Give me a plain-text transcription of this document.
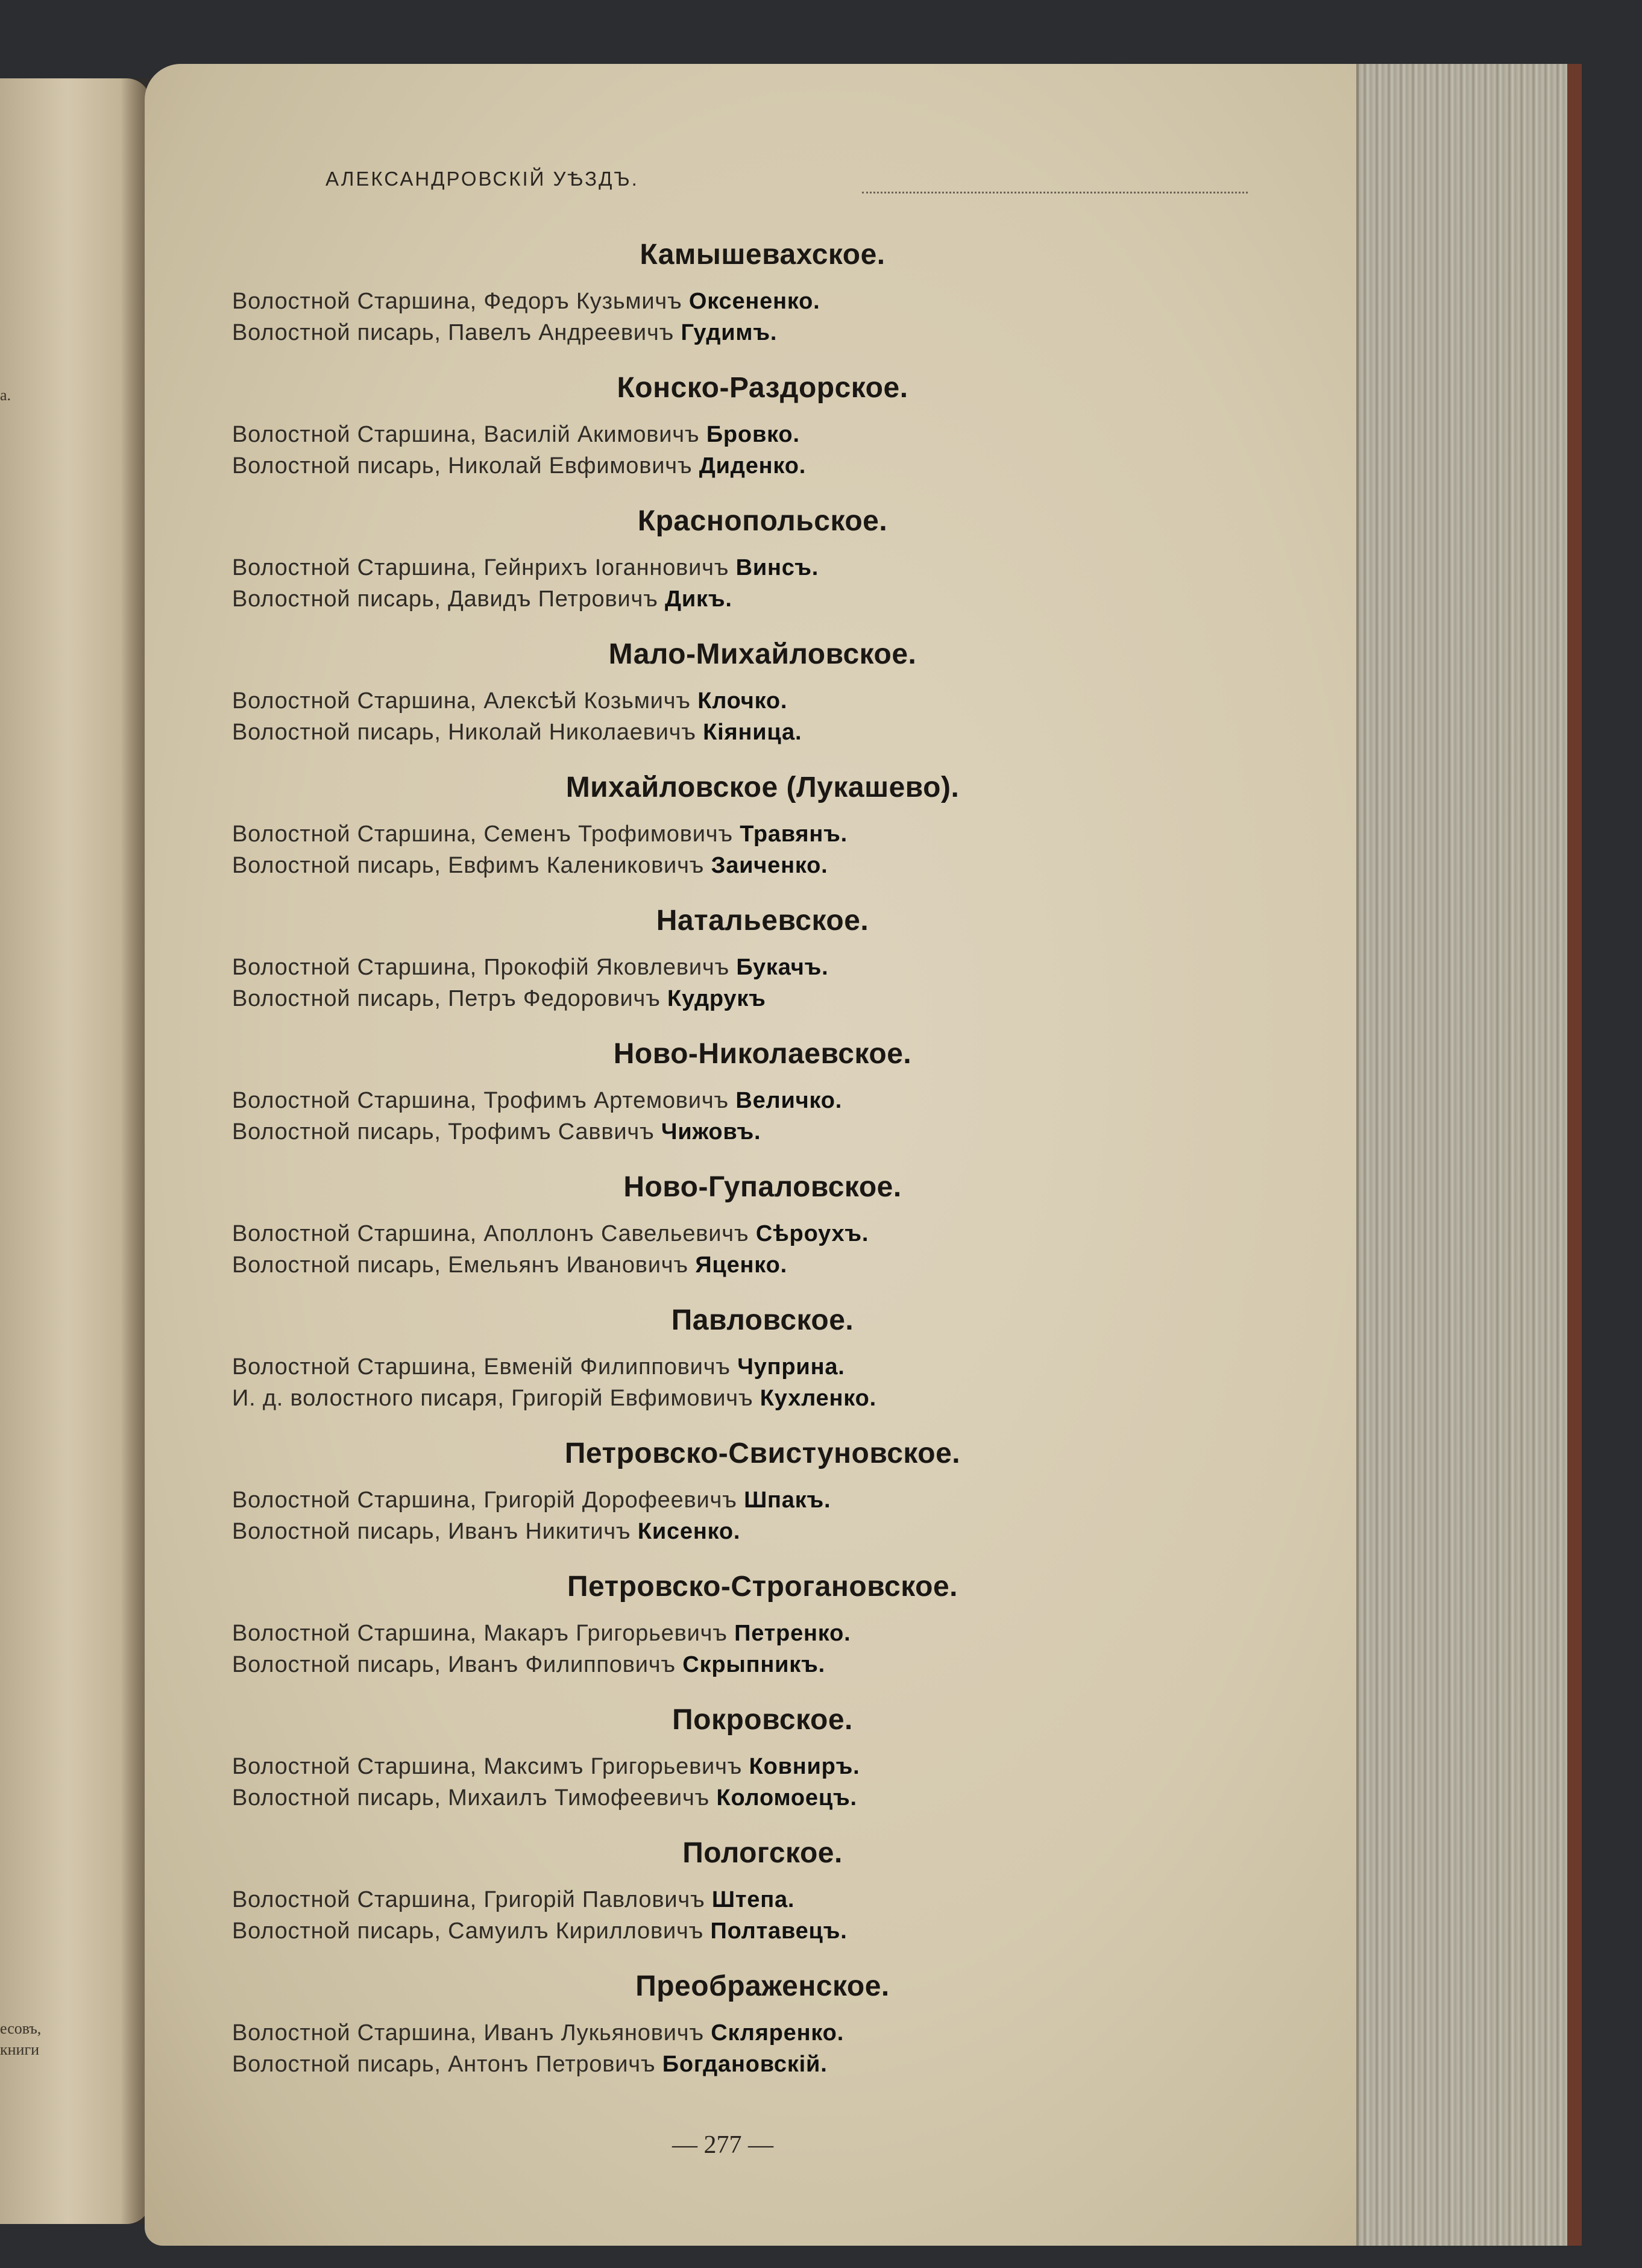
а.
есовъ,
книги
АЛЕКСАНДРОВСКІЙ УѢЗДЪ.
Камышевахское.
Волостной Старшина, Федоръ Кузьмичъ Оксененко.
Волостной писарь, Павелъ Андреевичъ Гудимъ.
Конско-Раздорское.
Волостной Старшина, Василій Акимовичъ Бровко.
Волостной писарь, Николай Евфимовичъ Диденко.
Краснопольское.
Волостной Старшина, Гейнрихъ Іоганновичъ Винсъ.
Волостной писарь, Давидъ Петровичъ Дикъ.
Мало-Михайловское.
Волостной Старшина, Алексѣй Козьмичъ Клочко.
Волостной писарь, Николай Николаевичъ Кіяница.
Михайловское (Лукашево).
Волостной Старшина, Семенъ Трофимовичъ Травянъ.
Волостной писарь, Евфимъ Калениковичъ Заиченко.
Натальевское.
Волостной Старшина, Прокофій Яковлевичъ Букачъ.
Волостной писарь, Петръ Федоровичъ Кудрукъ
Ново-Николаевское.
Волостной Старшина, Трофимъ Артемовичъ Величко.
Волостной писарь, Трофимъ Саввичъ Чижовъ.
Ново-Гупаловское.
Волостной Старшина, Аполлонъ Савельевичъ Сѣроухъ.
Волостной писарь, Емельянъ Ивановичъ Яценко.
Павловское.
Волостной Старшина, Евменій Филипповичъ Чуприна.
И. д. волостного писаря, Григорій Евфимовичъ Кухленко.
Петровско-Свистуновское.
Волостной Старшина, Григорій Дорофеевичъ Шпакъ.
Волостной писарь, Иванъ Никитичъ Кисенко.
Петровско-Строгановское.
Волостной Старшина, Макаръ Григорьевичъ Петренко.
Волостной писарь, Иванъ Филипповичъ Скрыпникъ.
Покровское.
Волостной Старшина, Максимъ Григорьевичъ Ковниръ.
Волостной писарь, Михаилъ Тимофеевичъ Коломоецъ.
Пологское.
Волостной Старшина, Григорій Павловичъ Штепа.
Волостной писарь, Самуилъ Кирилловичъ Полтавецъ.
Преображенское.
Волостной Старшина, Иванъ Лукьяновичъ Скляренко.
Волостной писарь, Антонъ Петровичъ Богдановскій.
— 277 —
